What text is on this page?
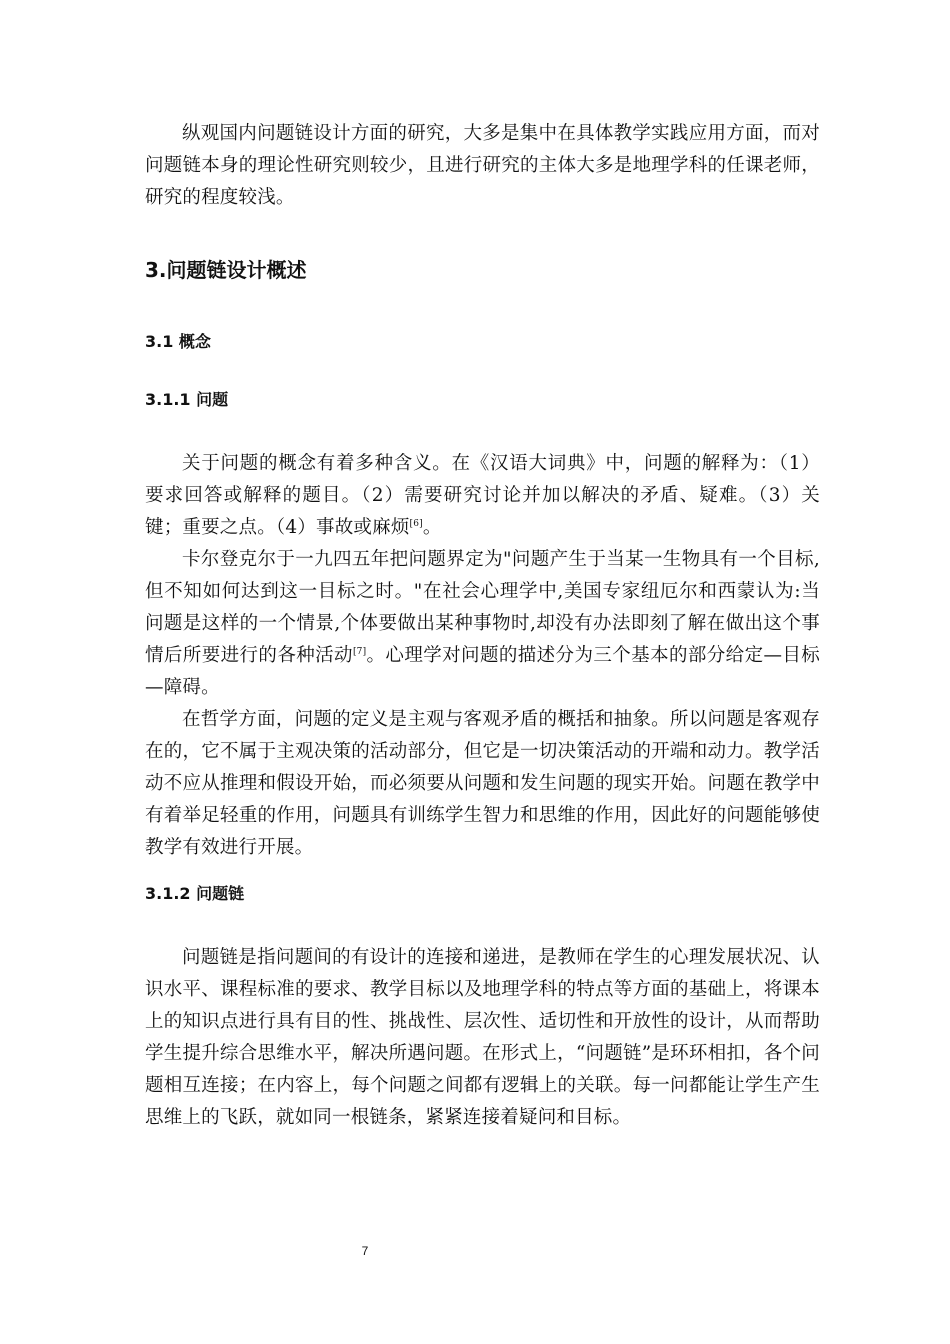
纵观国内问题链设计方面的研究，大多是集中在具体教学实践应用方面，而对问题链本身的理论性研究则较少，且进行研究的主体大多是地理学科的任课老师，研究的程度较浅。

3.问题链设计概述
3.1 概念
3.1.1 问题

关于问题的概念有着多种含义。在《汉语大词典》中，问题的解释为：（1）要求回答或解释的题目。（2）需要研究讨论并加以解决的矛盾、疑难。（3）关键；重要之点。（4）事故或麻烦[6]。

卡尔登克尔于一九四五年把问题界定为"问题产生于当某一生物具有一个目标,但不知如何达到这一目标之时。"在社会心理学中,美国专家纽厄尔和西蒙认为:当问题是这样的一个情景,个体要做出某种事物时,却没有办法即刻了解在做出这个事情后所要进行的各种活动[7]。心理学对问题的描述分为三个基本的部分给定—目标—障碍。

在哲学方面，问题的定义是主观与客观矛盾的概括和抽象。所以问题是客观存在的，它不属于主观决策的活动部分，但它是一切决策活动的开端和动力。教学活动不应从推理和假设开始，而必须要从问题和发生问题的现实开始。问题在教学中有着举足轻重的作用，问题具有训练学生智力和思维的作用，因此好的问题能够使教学有效进行开展。

3.1.2 问题链

问题链是指问题间的有设计的连接和递进，是教师在学生的心理发展状况、认识水平、课程标准的要求、教学目标以及地理学科的特点等方面的基础上，将课本上的知识点进行具有目的性、挑战性、层次性、适切性和开放性的设计，从而帮助学生提升综合思维水平，解决所遇问题。在形式上，“问题链”是环环相扣，各个问题相互连接；在内容上，每个问题之间都有逻辑上的关联。每一问都能让学生产生思维上的飞跃，就如同一根链条，紧紧连接着疑问和目标。

7
